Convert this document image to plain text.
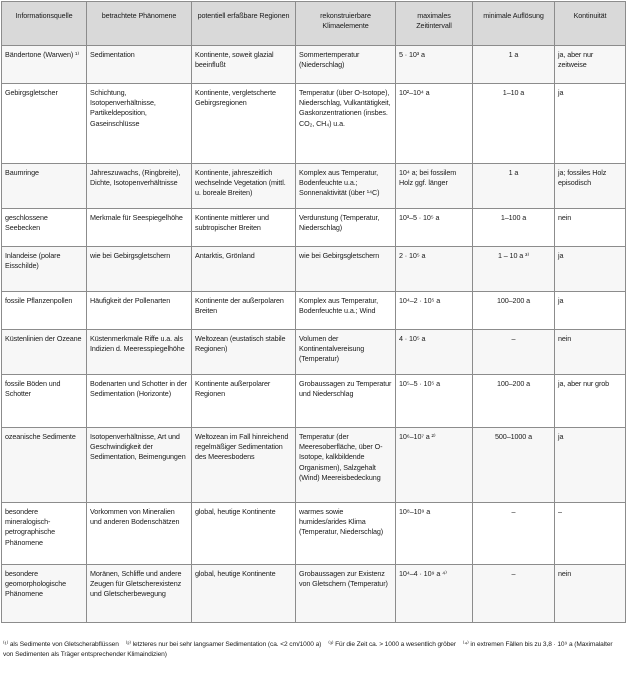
Informationsquelle	betrachtete Phänomene	potentiell erfaßbare Regionen	rekonstruierbare Klimaelemente	maximales Zeitintervall	minimale Auflösung	Kontinuität
Bändertone (Warwen) ¹⁾	Sedimentation	Kontinente, soweit glazial beeinflußt	Sommertemperatur (Niederschlag)	5 · 10³ a	1 a	ja, aber nur zeitweise
Gebirgsgletscher	Schichtung, Isotopenverhältnisse, Partikeldeposition, Gaseinschlüsse	Kontinente, vergletscherte Gebirgsregionen	Temperatur (über O-Isotope), Niederschlag, Vulkantätigkeit, Gaskonzentrationen (insbes. CO₂, CH₄) u.a.	10²–10⁴ a	1–10 a	ja
Baumringe	Jahreszuwachs, (Ringbreite), Dichte, Isotopenverhältnisse	Kontinente, jahreszeitlich wechselnde Vegetation (mittl. u. boreale Breiten)	Komplex aus Temperatur, Bodenfeuchte u.a.; Sonnenaktivität (über ¹⁴C)	10⁴ a; bei fossilem Holz ggf. länger	1 a	ja; fossiles Holz episodisch
geschlossene Seebecken	Merkmale für Seespiegelhöhe	Kontinente mittlerer und subtropischer Breiten	Verdunstung (Temperatur, Niederschlag)	10³–5 · 10⁵ a	1–100 a	nein
Inlandeise (polare Eisschilde)	wie bei Gebirgsgletschern	Antarktis, Grönland	wie bei Gebirgsgletschern	2 · 10⁵ a	1 – 10 a ³⁾	ja
fossile Pflanzenpollen	Häufigkeit der Pollenarten	Kontinente der außerpolaren Breiten	Komplex aus Temperatur, Bodenfeuchte u.a.; Wind	10⁴–2 · 10⁵ a	100–200 a	ja
Küstenlinien der Ozeane	Küstenmerkmale Riffe u.a. als Indizien d. Meeresspiegelhöhe	Weltozean (eustatisch stabile Regionen)	Volumen der Kontinentalvereisung (Temperatur)	4 · 10⁵ a	–	nein
fossile Böden und Schotter	Bodenarten und Schotter in der Sedimentation (Horizonte)	Kontinente außerpolarer Regionen	Grobaussagen zu Temperatur und Niederschlag	10⁵–5 · 10⁵ a	100–200 a	ja, aber nur grob
ozeanische Sedimente	Isotopenverhältnisse, Art und Geschwindigkeit der Sedimentation, Beimengungen	Weltozean im Fall hinreichend regelmäßiger Sedimentation des Meeresbodens	Temperatur (der Meeresoberfläche, über O-Isotope, kalkbildende Organismen), Salzgehalt (Wind) Meereisbedeckung	10⁶–10⁷ a ²⁾	500–1000 a	ja
besondere mineralogisch-petrographische Phänomene	Vorkommen von Mineralien und anderen Bodenschätzen	global, heutige Kontinente	warmes sowie humides/arides Klima (Temperatur, Niederschlag)	10⁸–10⁹ a	–	–
besondere geomorphologische Phänomene	Moränen, Schliffe und andere Zeugen für Gletscherexistenz und Gletscherbewegung	global, heutige Kontinente	Grobaussagen zur Existenz von Gletschern (Temperatur)	10⁴–4 · 10⁹ a ⁴⁾	–	nein
⁽¹⁾ als Sedimente von Gletscherabflüssen ⁽²⁾ letzteres nur bei sehr langsamer Sedimentation (ca. <2 cm/1000 a) ⁽³⁾ Für die Zeit ca. > 1000 a wesentlich gröber ⁽⁴⁾ in extremen Fällen bis zu 3,8 · 10⁹ a (Maximalalter von Sedimenten als Träger entsprechender Klimaindizien)
